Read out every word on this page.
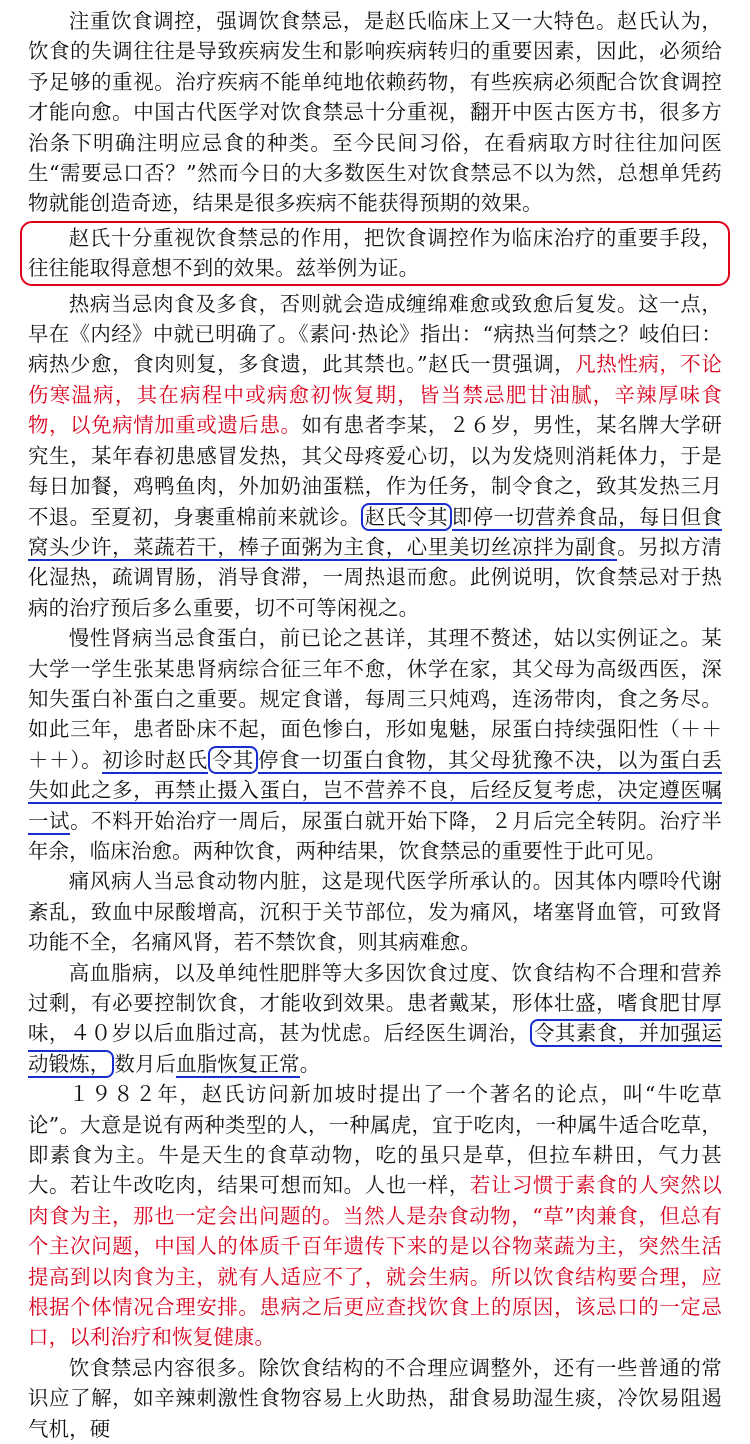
注重饮食调控，强调饮食禁忌，是赵氏临床上又一大特色。赵氏认为，饮食的失调往往是导致疾病发生和影响疾病转归的重要因素，因此，必须给予足够的重视。治疗疾病不能单纯地依赖药物，有些疾病必须配合饮食调控才能向愈。中国古代医学对饮食禁忌十分重视，翻开中医古医方书，很多方治条下明确注明应忌食的种类。至今民间习俗，在看病取方时往往加问医生“需要忌口否？”然而今日的大多数医生对饮食禁忌不以为然，总想单凭药物就能创造奇迹，结果是很多疾病不能获得预期的效果。

赵氏十分重视饮食禁忌的作用，把饮食调控作为临床治疗的重要手段，往往能取得意想不到的效果。兹举例为证。

热病当忌肉食及多食，否则就会造成缠绵难愈或致愈后复发。这一点，早在《内经》中就已明确了。《素问·热论》指出：“病热当何禁之？岐伯曰：病热少愈，食肉则复，多食遗，此其禁也。”赵氏一贯强调，凡热性病，不论伤寒温病，其在病程中或病愈初恢复期，皆当禁忌肥甘油腻，辛辣厚味食物，以免病情加重或遗后患。如有患者李某，２６岁，男性，某名牌大学研究生，某年春初患感冒发热，其父母疼爱心切，以为发烧则消耗体力，于是每日加餐，鸡鸭鱼肉，外加奶油蛋糕，作为任务，制令食之，致其发热三月不退。至夏初，身裹重棉前来就诊。 赵氏令其 即停一切营养食品，每日但食窝头少许，菜蔬若干，棒子面粥为主食，心里美切丝凉拌为副食。另拟方清化湿热，疏调胃肠，消导食滞，一周热退而愈。此例说明，饮食禁忌对于热病的治疗预后多么重要，切不可等闲视之。

慢性肾病当忌食蛋白，前已论之甚详，其理不赘述，姑以实例证之。某大学一学生张某患肾病综合征三年不愈，休学在家，其父母为高级西医，深知失蛋白补蛋白之重要。规定食谱，每周三只炖鸡，连汤带肉，食之务尽。如此三年，患者卧床不起，面色惨白，形如鬼魅，尿蛋白持续强阳性（＋＋＋＋）。初诊时赵氏 令其 停食一切蛋白食物，其父母犹豫不决，以为蛋白丢失如此之多，再禁止摄入蛋白，岂不营养不良，后经反复考虑，决定遵医嘱一试。不料开始治疗一周后，尿蛋白就开始下降，２月后完全转阴。治疗半年余，临床治愈。两种饮食，两种结果，饮食禁忌的重要性于此可见。

痛风病人当忌食动物内脏，这是现代医学所承认的。因其体内嘌呤代谢紊乱，致血中尿酸增高，沉积于关节部位，发为痛风，堵塞肾血管，可致肾功能不全，名痛风肾，若不禁饮食，则其病难愈。

高血脂病，以及单纯性肥胖等大多因饮食过度、饮食结构不合理和营养过剩，有必要控制饮食，才能收到效果。患者戴某，形体壮盛，嗜食肥甘厚味，４０岁以后血脂过高，甚为忧虑。后经医生调治， 令其素食，并加强运动锻炼， 数月后血脂恢复正常。

１９８２年，赵氏访问新加坡时提出了一个著名的论点，叫“牛吃草论”。大意是说有两种类型的人，一种属虎，宜于吃肉，一种属牛适合吃草，即素食为主。牛是天生的食草动物，吃的虽只是草，但拉车耕田，气力甚大。若让牛改吃肉，结果可想而知。人也一样，若让习惯于素食的人突然以肉食为主，那也一定会出问题的。当然人是杂食动物，“草”肉兼食，但总有个主次问题，中国人的体质千百年遗传下来的是以谷物菜蔬为主，突然生活提高到以肉食为主，就有人适应不了，就会生病。所以饮食结构要合理，应根据个体情况合理安排。患病之后更应查找饮食上的原因，该忌口的一定忌口，以利治疗和恢复健康。

饮食禁忌内容很多。除饮食结构的不合理应调整外，还有一些普通的常识应了解，如辛辣刺激性食物容易上火助热，甜食易助湿生痰，冷饮易阻遏气机，硬
